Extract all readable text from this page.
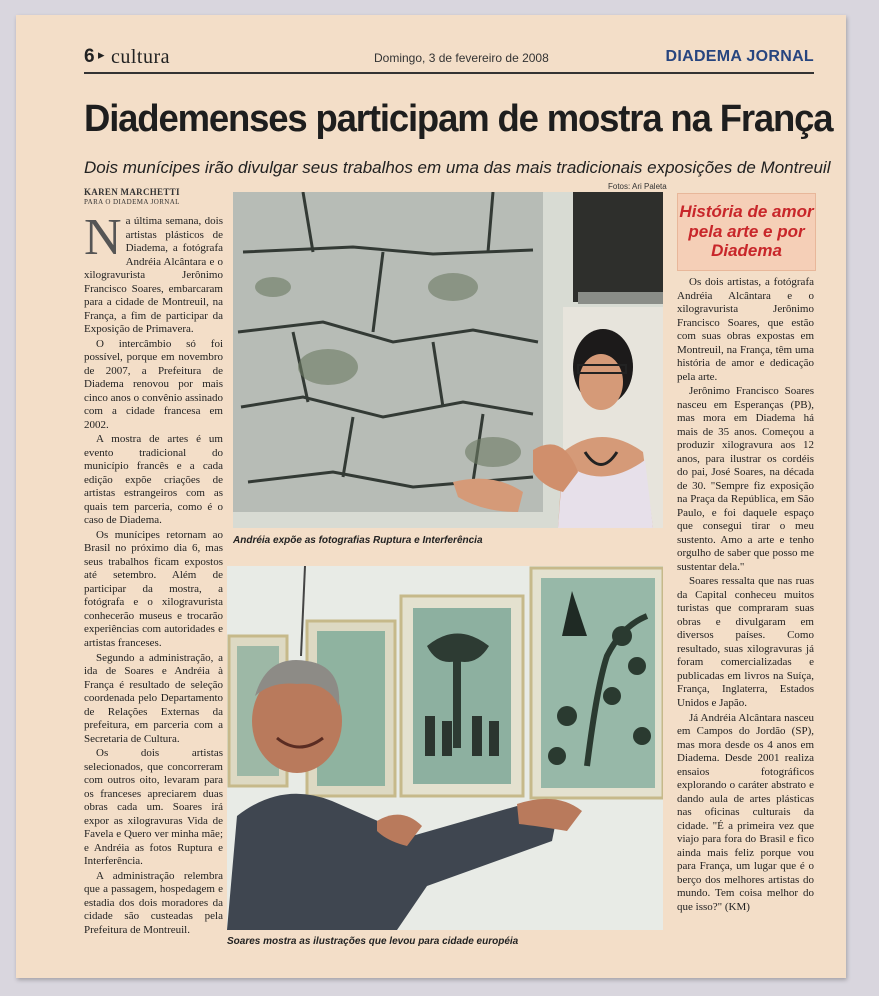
6 ▸ cultura	Domingo, 3 de fevereiro de 2008	DIADEMA JORNAL
Diademenses participam de mostra na França
Dois munícipes irão divulgar seus trabalhos em uma das mais tradicionais exposições de Montreuil
Fotos: Ari Paleta
KAREN MARCHETTI
PARA O DIADEMA JORNAL

Na última semana, dois artistas plásticos de Diadema, a fotógrafa Andréia Alcântara e o xilogravurista Jerônimo Francisco Soares, embarcaram para a cidade de Montreuil, na França, a fim de participar da Exposição de Primavera.

O intercâmbio só foi possível, porque em novembro de 2007, a Prefeitura de Diadema renovou por mais cinco anos o convênio assinado com a cidade francesa em 2002.

A mostra de artes é um evento tradicional do município francês e a cada edição expõe criações de artistas estrangeiros com as quais tem parceria, como é o caso de Diadema.

Os munícipes retornam ao Brasil no próximo dia 6, mas seus trabalhos ficam expostos até setembro. Além de participar da mostra, a fotógrafa e o xilogravurista conhecerão museus e trocarão experiências com autoridades e artistas franceses.

Segundo a administração, a ida de Soares e Andréia à França é resultado de seleção coordenada pelo Departamento de Relações Externas da prefeitura, em parceria com a Secretaria de Cultura.

Os dois artistas selecionados, que concorreram com outros oito, levaram para os franceses apreciarem duas obras cada um. Soares irá expor as xilogravuras Vida de Favela e Quero ver minha mãe; e Andréia as fotos Ruptura e Interferência.

A administração relembra que a passagem, hospedagem e estadia dos dois moradores da cidade são custeadas pela Prefeitura de Montreuil.

Andréia expõe as fotografias Ruptura e Interferência
Soares mostra as ilustrações que levou para cidade européia
História de amor pela arte e por Diadema

Os dois artistas, a fotógrafa Andréia Alcântara e o xilogravurista Jerônimo Francisco Soares, que estão com suas obras expostas em Montreuil, na França, têm uma história de amor e dedicação pela arte.

Jerônimo Francisco Soares nasceu em Esperanças (PB), mas mora em Diadema há mais de 35 anos. Começou a produzir xilogravura aos 12 anos, para ilustrar os cordéis do pai, José Soares, na década de 30. "Sempre fiz exposição na Praça da República, em São Paulo, e foi daquele espaço que consegui tirar o meu sustento. Amo a arte e tenho orgulho de saber que posso me sustentar dela."

Soares ressalta que nas ruas da Capital conheceu muitos turistas que compraram suas obras e divulgaram em diversos países. Como resultado, suas xilogravuras já foram comercializadas e publicadas em livros na Suíça, França, Inglaterra, Estados Unidos e Japão.

Já Andréia Alcântara nasceu em Campos do Jordão (SP), mas mora desde os 4 anos em Diadema. Desde 2001 realiza ensaios fotográficos explorando o caráter abstrato e dando aula de artes plásticas nas oficinas culturais da cidade. "É a primeira vez que viajo para fora do Brasil e fico ainda mais feliz porque vou para França, um lugar que é o berço dos melhores artistas do mundo. Tem coisa melhor do que isso?" (KM)
